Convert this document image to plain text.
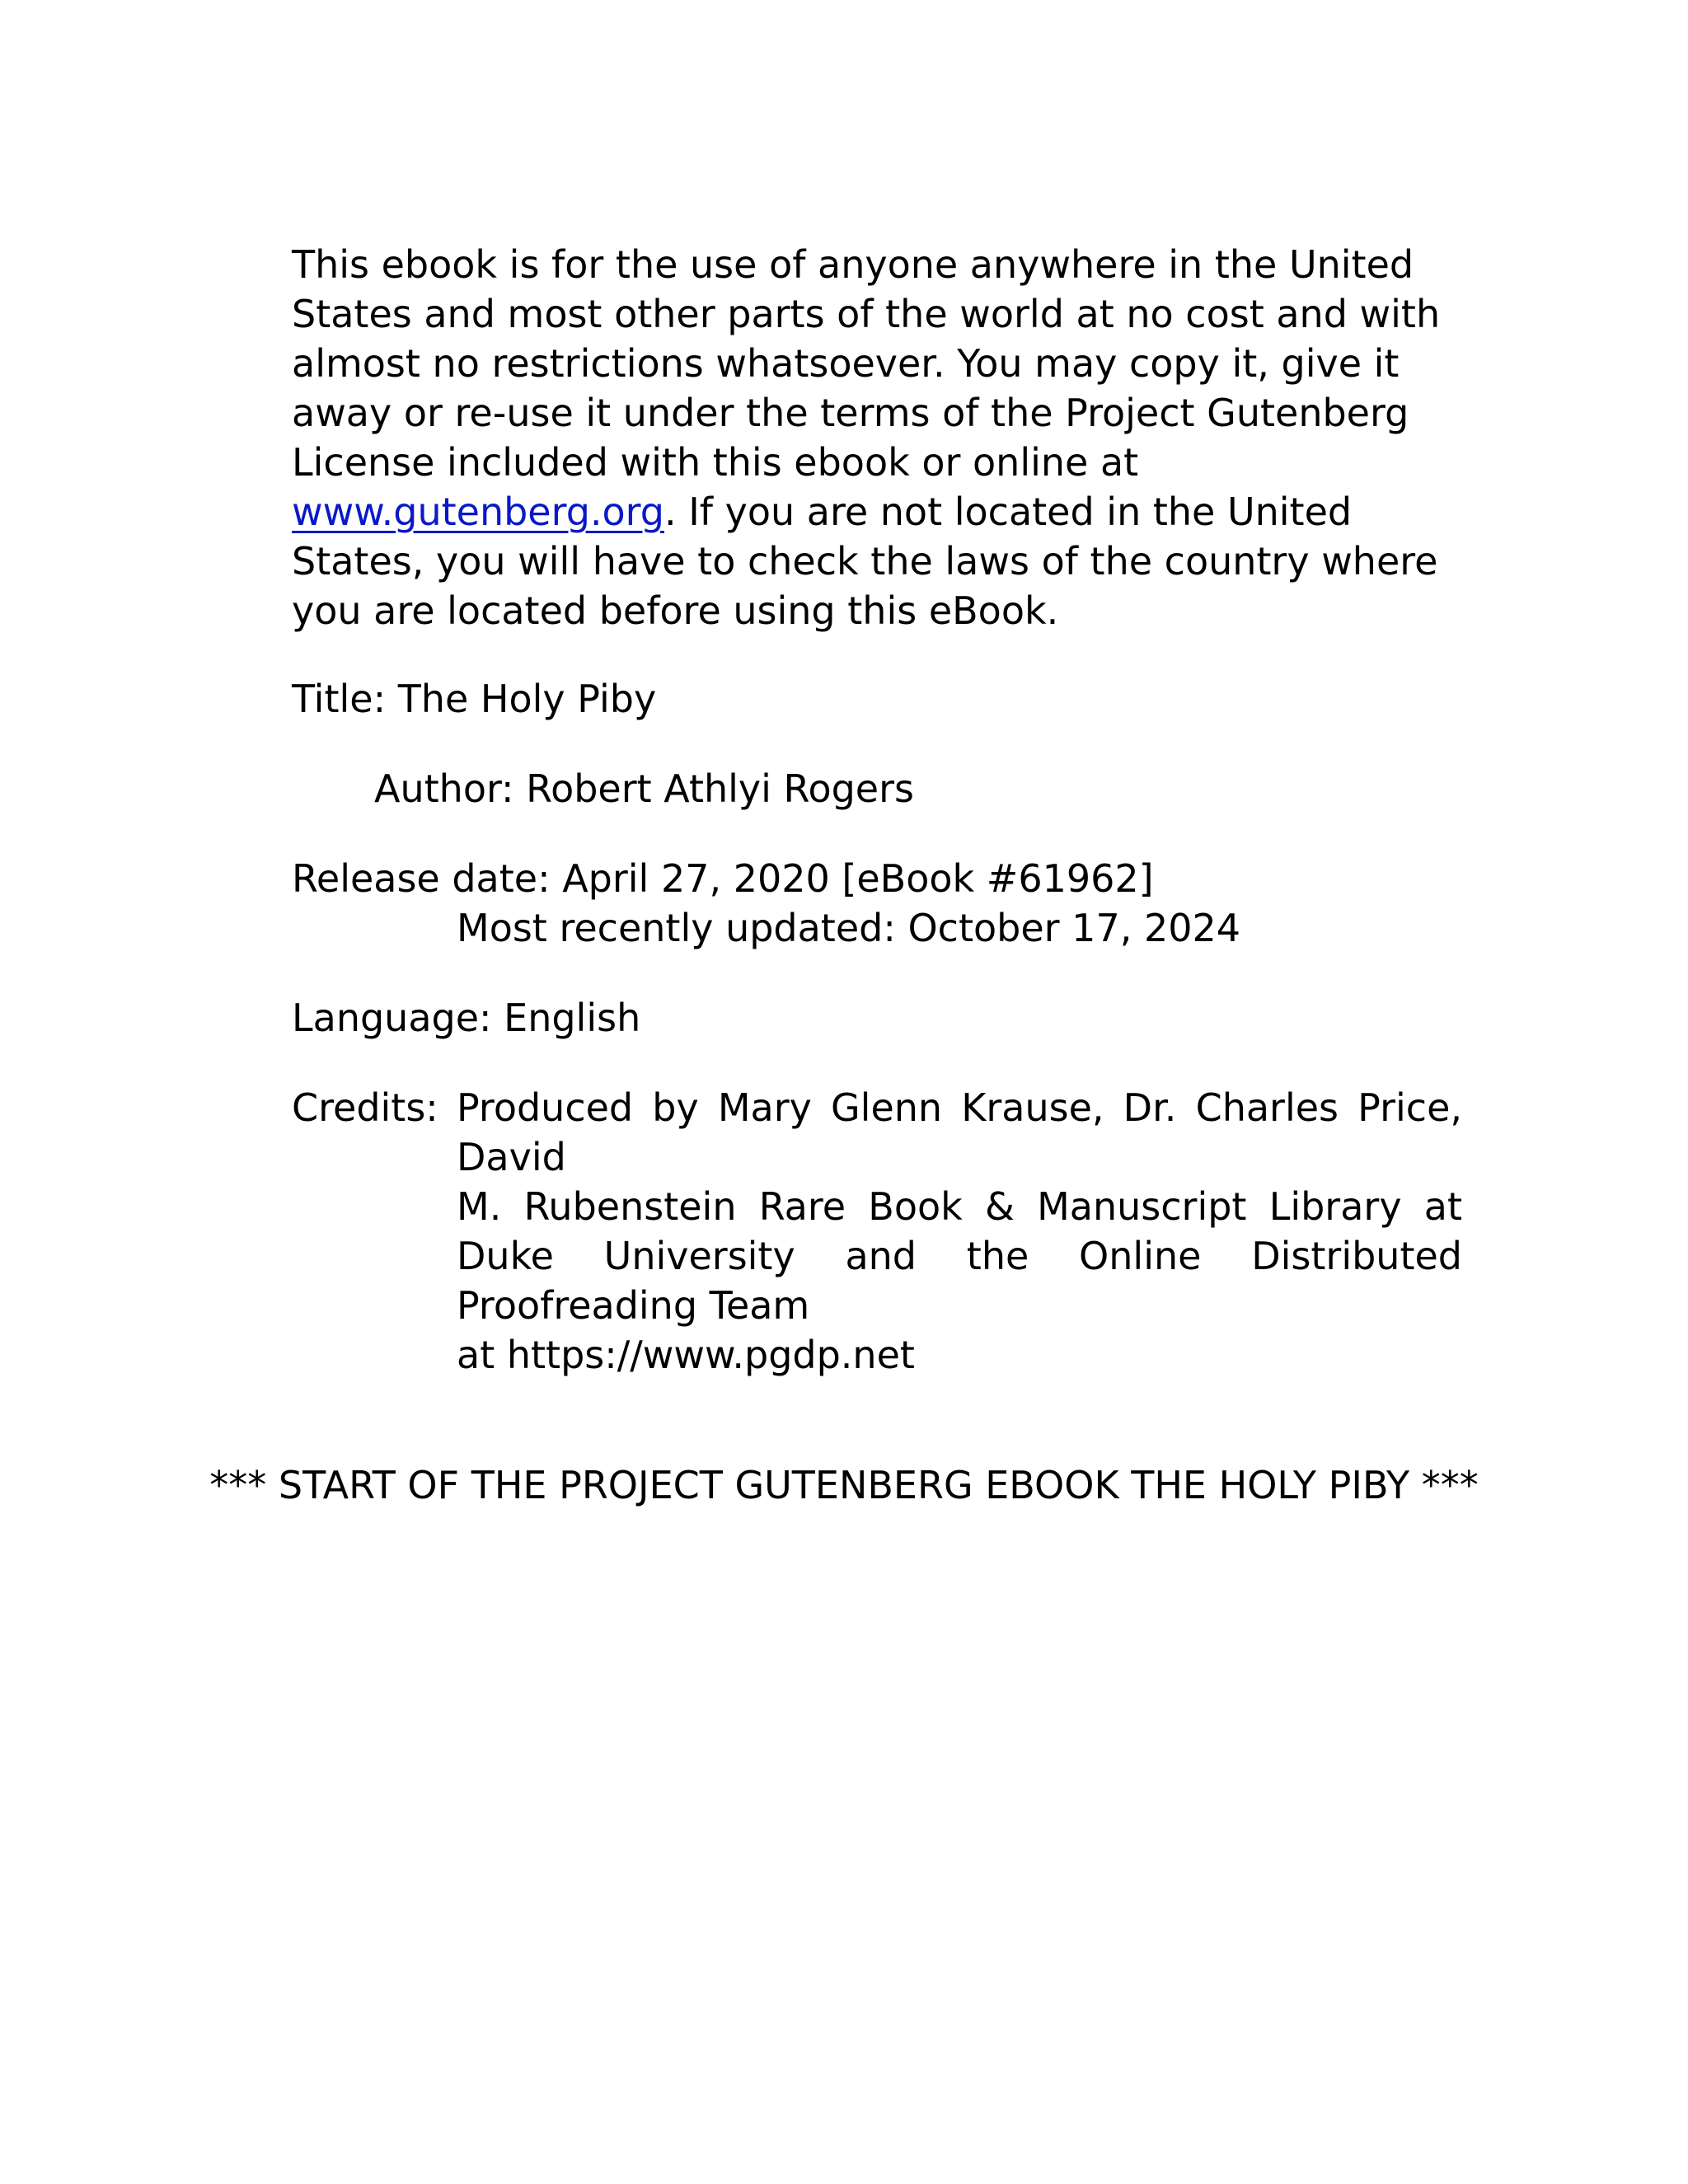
This ebook is for the use of anyone anywhere in the United States and most other parts of the world at no cost and with almost no restrictions whatsoever. You may copy it, give it away or re-use it under the terms of the Project Gutenberg License included with this ebook or online at www.gutenberg.org. If you are not located in the United States, you will have to check the laws of the country where you are located before using this eBook.

Title: The Holy Piby

Author: Robert Athlyi Rogers

Release date: April 27, 2020 [eBook #61962]

Most recently updated: October 17, 2024

Language: English

Credits: Produced by Mary Glenn Krause, Dr. Charles Price, David

M. Rubenstein Rare Book & Manuscript Library at Duke University and the Online Distributed Proofreading Team

at https://www.pgdp.net

*** START OF THE PROJECT GUTENBERG EBOOK THE HOLY PIBY ***
